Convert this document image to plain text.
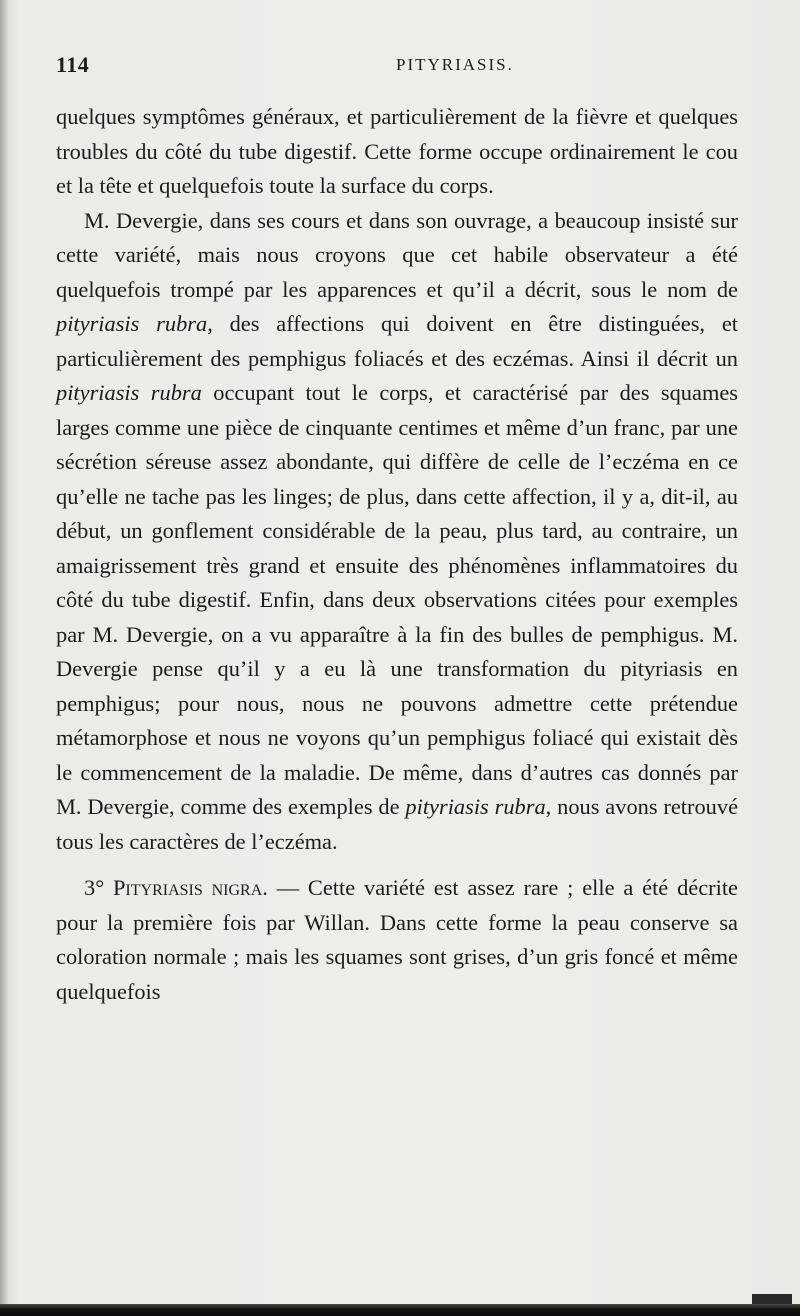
114	PITYRIASIS.

quelques symptômes généraux, et particulièrement de la fièvre et quelques troubles du côté du tube digestif. Cette forme occupe ordinairement le cou et la tête et quelquefois toute la surface du corps.

M. Devergie, dans ses cours et dans son ouvrage, a beaucoup insisté sur cette variété, mais nous croyons que cet habile observateur a été quelquefois trompé par les apparences et qu’il a décrit, sous le nom de pityriasis rubra, des affections qui doivent en être distinguées, et particulièrement des pemphigus foliacés et des eczémas. Ainsi il décrit un pityriasis rubra occupant tout le corps, et caractérisé par des squames larges comme une pièce de cinquante centimes et même d’un franc, par une sécrétion séreuse assez abondante, qui diffère de celle de l’eczéma en ce qu’elle ne tache pas les linges; de plus, dans cette affection, il y a, dit-il, au début, un gonflement considérable de la peau, plus tard, au contraire, un amaigrissement très grand et ensuite des phénomènes inflammatoires du côté du tube digestif. Enfin, dans deux observations citées pour exemples par M. Devergie, on a vu apparaître à la fin des bulles de pemphigus. M. Devergie pense qu’il y a eu là une transformation du pityriasis en pemphigus; pour nous, nous ne pouvons admettre cette prétendue métamorphose et nous ne voyons qu’un pemphigus foliacé qui existait dès le commencement de la maladie. De même, dans d’autres cas donnés par M. Devergie, comme des exemples de pityriasis rubra, nous avons retrouvé tous les caractères de l’eczéma.

3° Pityriasis nigra. — Cette variété est assez rare ; elle a été décrite pour la première fois par Willan. Dans cette forme la peau conserve sa coloration normale ; mais les squames sont grises, d’un gris foncé et même quelquefois
